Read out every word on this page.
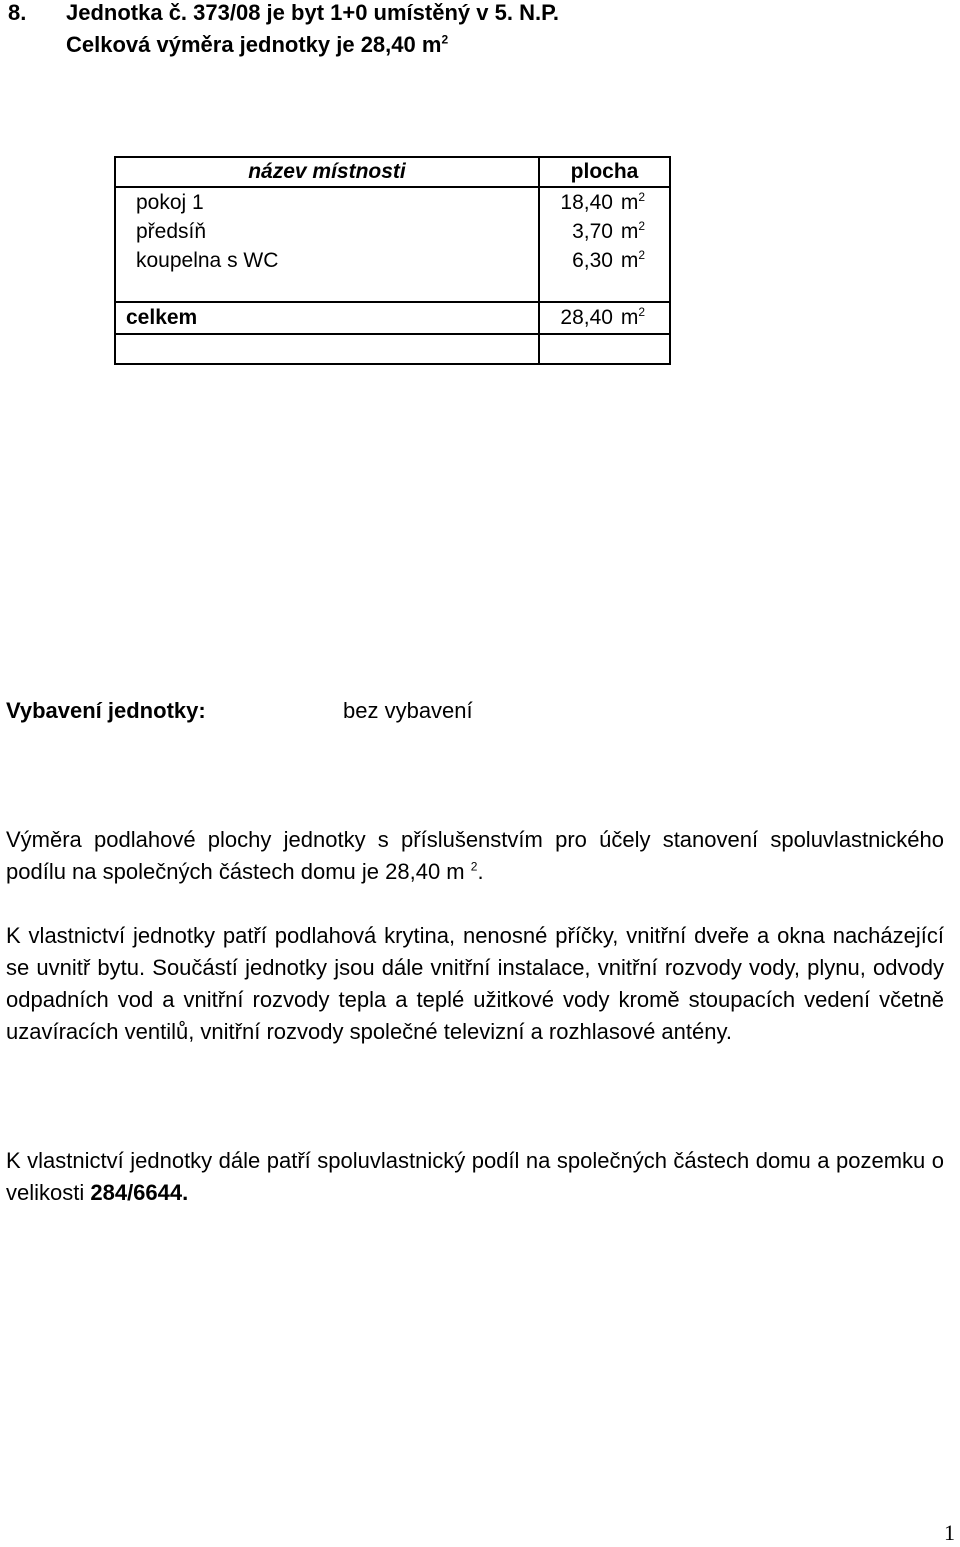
8. Jednotka č. 373/08 je byt 1+0 umístěný v 5. N.P.
Celková výměra jednotky je 28,40 $m^2$
název místnosti	plocha
pokoj 1	18,40 $m^2$
předsíň	3,70 $m^2$
koupelna s WC	6,30 $m^2$

celkem	28,40 $m^2$

Vybavení jednotky:	bez vybavení
Výměra podlahové plochy jednotky s příslušenstvím pro účely stanovení spoluvlastnického podílu na společných částech domu je 28,40 m $^2$.
K vlastnictví jednotky patří podlahová krytina, nenosné příčky, vnitřní dveře a okna nacházející se uvnitř bytu. Součástí jednotky jsou dále vnitřní instalace, vnitřní rozvody vody, plynu, odvody odpadních vod a vnitřní rozvody tepla a teplé užitkové vody kromě stoupacích vedení včetně uzavíracích ventilů, vnitřní rozvody společné televizní a rozhlasové antény.
K vlastnictví jednotky dále patří spoluvlastnický podíl na společných částech domu a pozemku o velikosti 284/6644.
1
